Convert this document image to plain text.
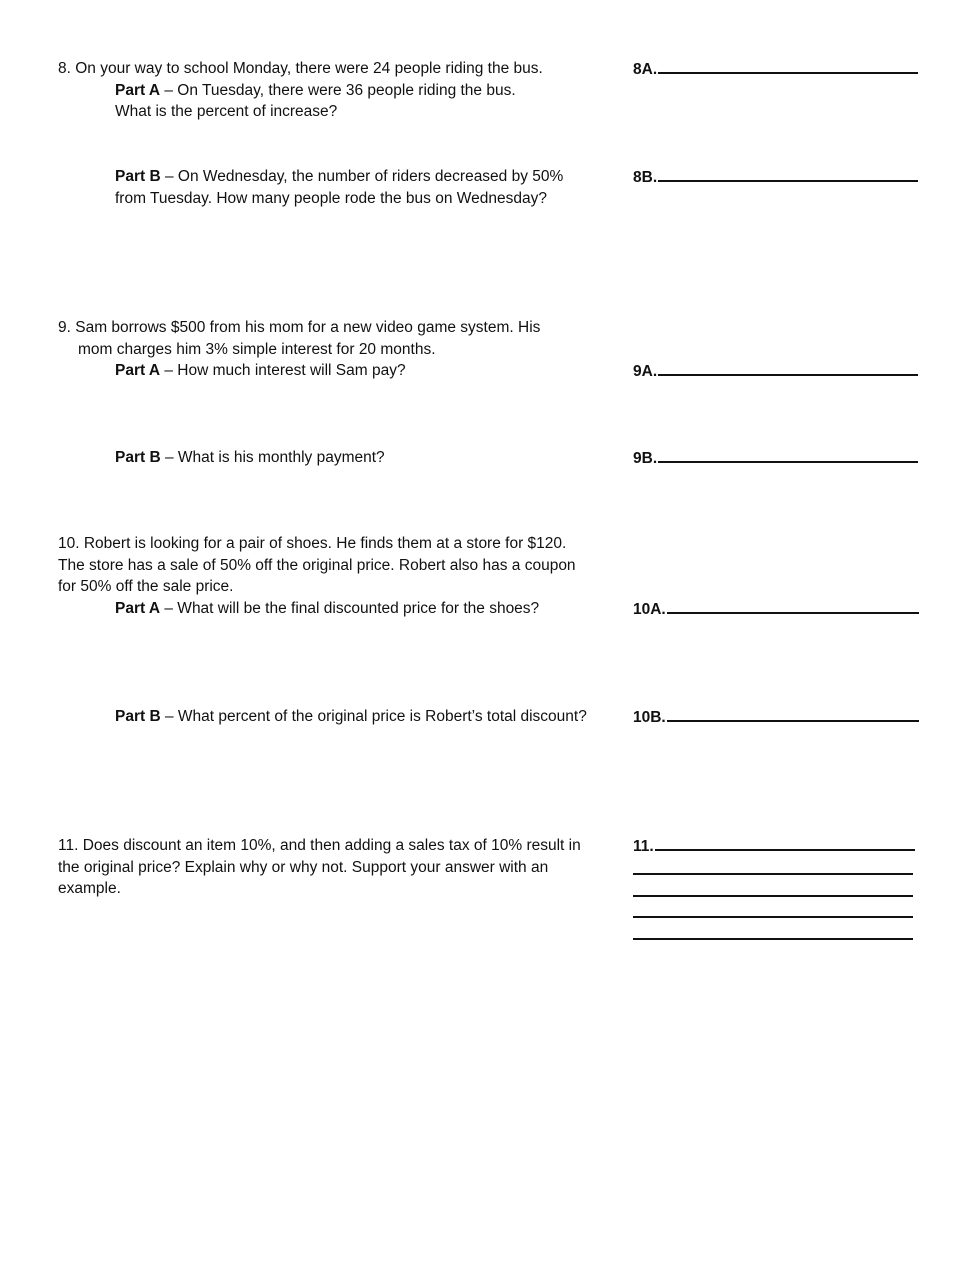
8. On your way to school Monday, there were 24 people riding the bus.
Part A – On Tuesday, there were 36 people riding the bus.
What is the percent of increase?
8A.
Part B – On Wednesday, the number of riders decreased by 50%
from Tuesday. How many people rode the bus on Wednesday?
8B.
9. Sam borrows $500 from his mom for a new video game system. His
mom charges him 3% simple interest for 20 months.
Part A – How much interest will Sam pay?	9A.
Part B – What is his monthly payment?	9B.
10. Robert is looking for a pair of shoes. He finds them at a store for $120.
The store has a sale of 50% off the original price. Robert also has a coupon
for 50% off the sale price.
Part A – What will be the final discounted price for the shoes?	10A.
Part B – What percent of the original price is Robert’s total discount?	10B.
11. Does discount an item 10%, and then adding a sales tax of 10% result in
the original price? Explain why or why not. Support your answer with an
example.
11.
